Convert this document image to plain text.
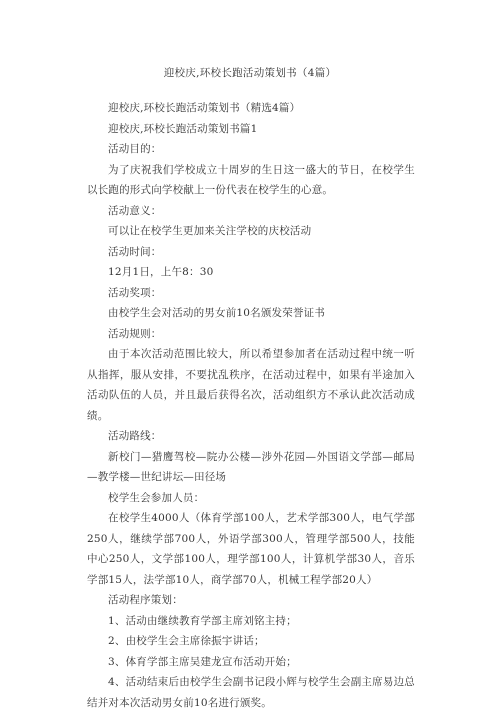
迎校庆,环校长跑活动策划书（4篇）

迎校庆,环校长跑活动策划书（精选4篇）

迎校庆,环校长跑活动策划书篇1

活动目的：

为了庆祝我们学校成立十周岁的生日这一盛大的节日，在校学生以长跑的形式向学校献上一份代表在校学生的心意。

活动意义：

可以让在校学生更加来关注学校的庆校活动

活动时间：

12月1日，上午8：30

活动奖项：

由校学生会对活动的男女前10名颁发荣誉证书

活动规则：

由于本次活动范围比较大，所以希望参加者在活动过程中统一听从指挥，服从安排，不要扰乱秩序，在活动过程中，如果有半途加入活动队伍的人员，并且最后获得名次，活动组织方不承认此次活动成绩。

活动路线：

新校门—猎鹰驾校—院办公楼—涉外花园—外国语文学部—邮局—教学楼—世纪讲坛—田径场

校学生会参加人员：

在校学生4000人（体育学部100人，艺术学部300人，电气学部250人，继续学部700人，外语学部300人，管理学部500人，技能中心250人，文学部100人，理学部100人，计算机学部30人，音乐学部15人，法学部10人，商学部70人，机械工程学部20人）

活动程序策划：

1、活动由继续教育学部主席刘铭主持；

2、由校学生会主席徐振宇讲话；

3、体育学部主席吴建龙宣布活动开始；

4、活动结束后由校学生会副书记段小辉与校学生会副主席易边总结并对本次活动男女前10名进行颁奖。
